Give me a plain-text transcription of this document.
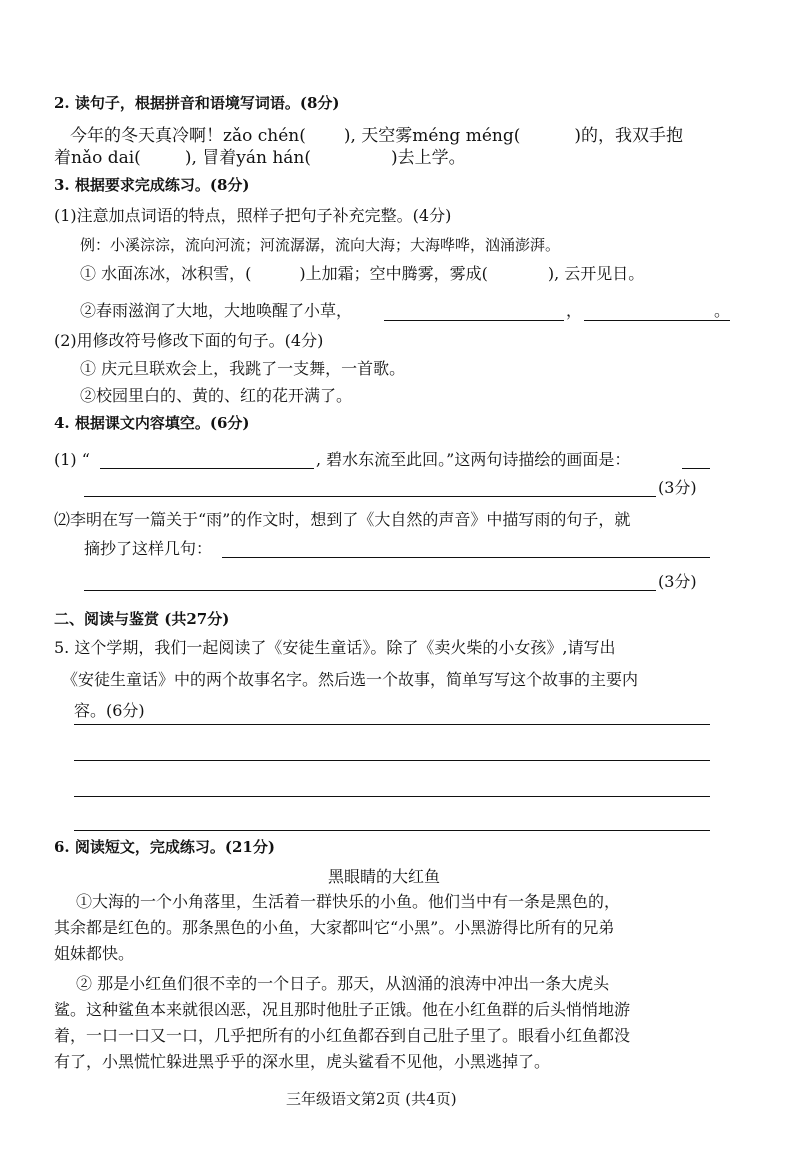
2. 读句子，根据拼音和语境写词语。(8分)
今年的冬天真冷啊！zǎo chén( ), 天空雾méng méng(	)的，我双手抱
着nǎo dai(	), 冒着yán hán(	)去上学。
3. 根据要求完成练习。(8分)
(1)注意加点词语的特点，照样子把句子补充完整。(4分)
例：小溪淙淙，流向河流；河流潺潺，流向大海；大海哗哗，汹涌澎湃。
① 水面冻冰，冰积雪，(	)上加霜；空中腾雾，雾成(	), 云开见日。
②春雨滋润了大地，大地唤醒了小草，	，	。
(2)用修改符号修改下面的句子。(4分)
① 庆元旦联欢会上，我跳了一支舞，一首歌。
②校园里白的、黄的、红的花开满了。
4. 根据课文内容填空。(6分)
(1) “	, 碧水东流至此回。”这两句诗描绘的画面是：
(3分)
⑵李明在写一篇关于“雨”的作文时，想到了《大自然的声音》中描写雨的句子，就
摘抄了这样几句：
(3分)
二、阅读与鉴赏 (共27分)
5. 这个学期，我们一起阅读了《安徒生童话》。除了《卖火柴的小女孩》,请写出
《安徒生童话》中的两个故事名字。然后选一个故事，简单写写这个故事的主要内
容。(6分)
6. 阅读短文，完成练习。(21分)
黑眼睛的大红鱼
①大海的一个小角落里，生活着一群快乐的小鱼。他们当中有一条是黑色的，
其余都是红色的。那条黑色的小鱼，大家都叫它“小黑”。小黑游得比所有的兄弟
姐妹都快。
② 那是小红鱼们很不幸的一个日子。那天，从汹涌的浪涛中冲出一条大虎头
鲨。这种鲨鱼本来就很凶恶，况且那时他肚子正饿。他在小红鱼群的后头悄悄地游
着，一口一口又一口，几乎把所有的小红鱼都吞到自己肚子里了。眼看小红鱼都没
有了，小黑慌忙躲进黑乎乎的深水里，虎头鲨看不见他，小黑逃掉了。
三年级语文第2页 (共4页)
